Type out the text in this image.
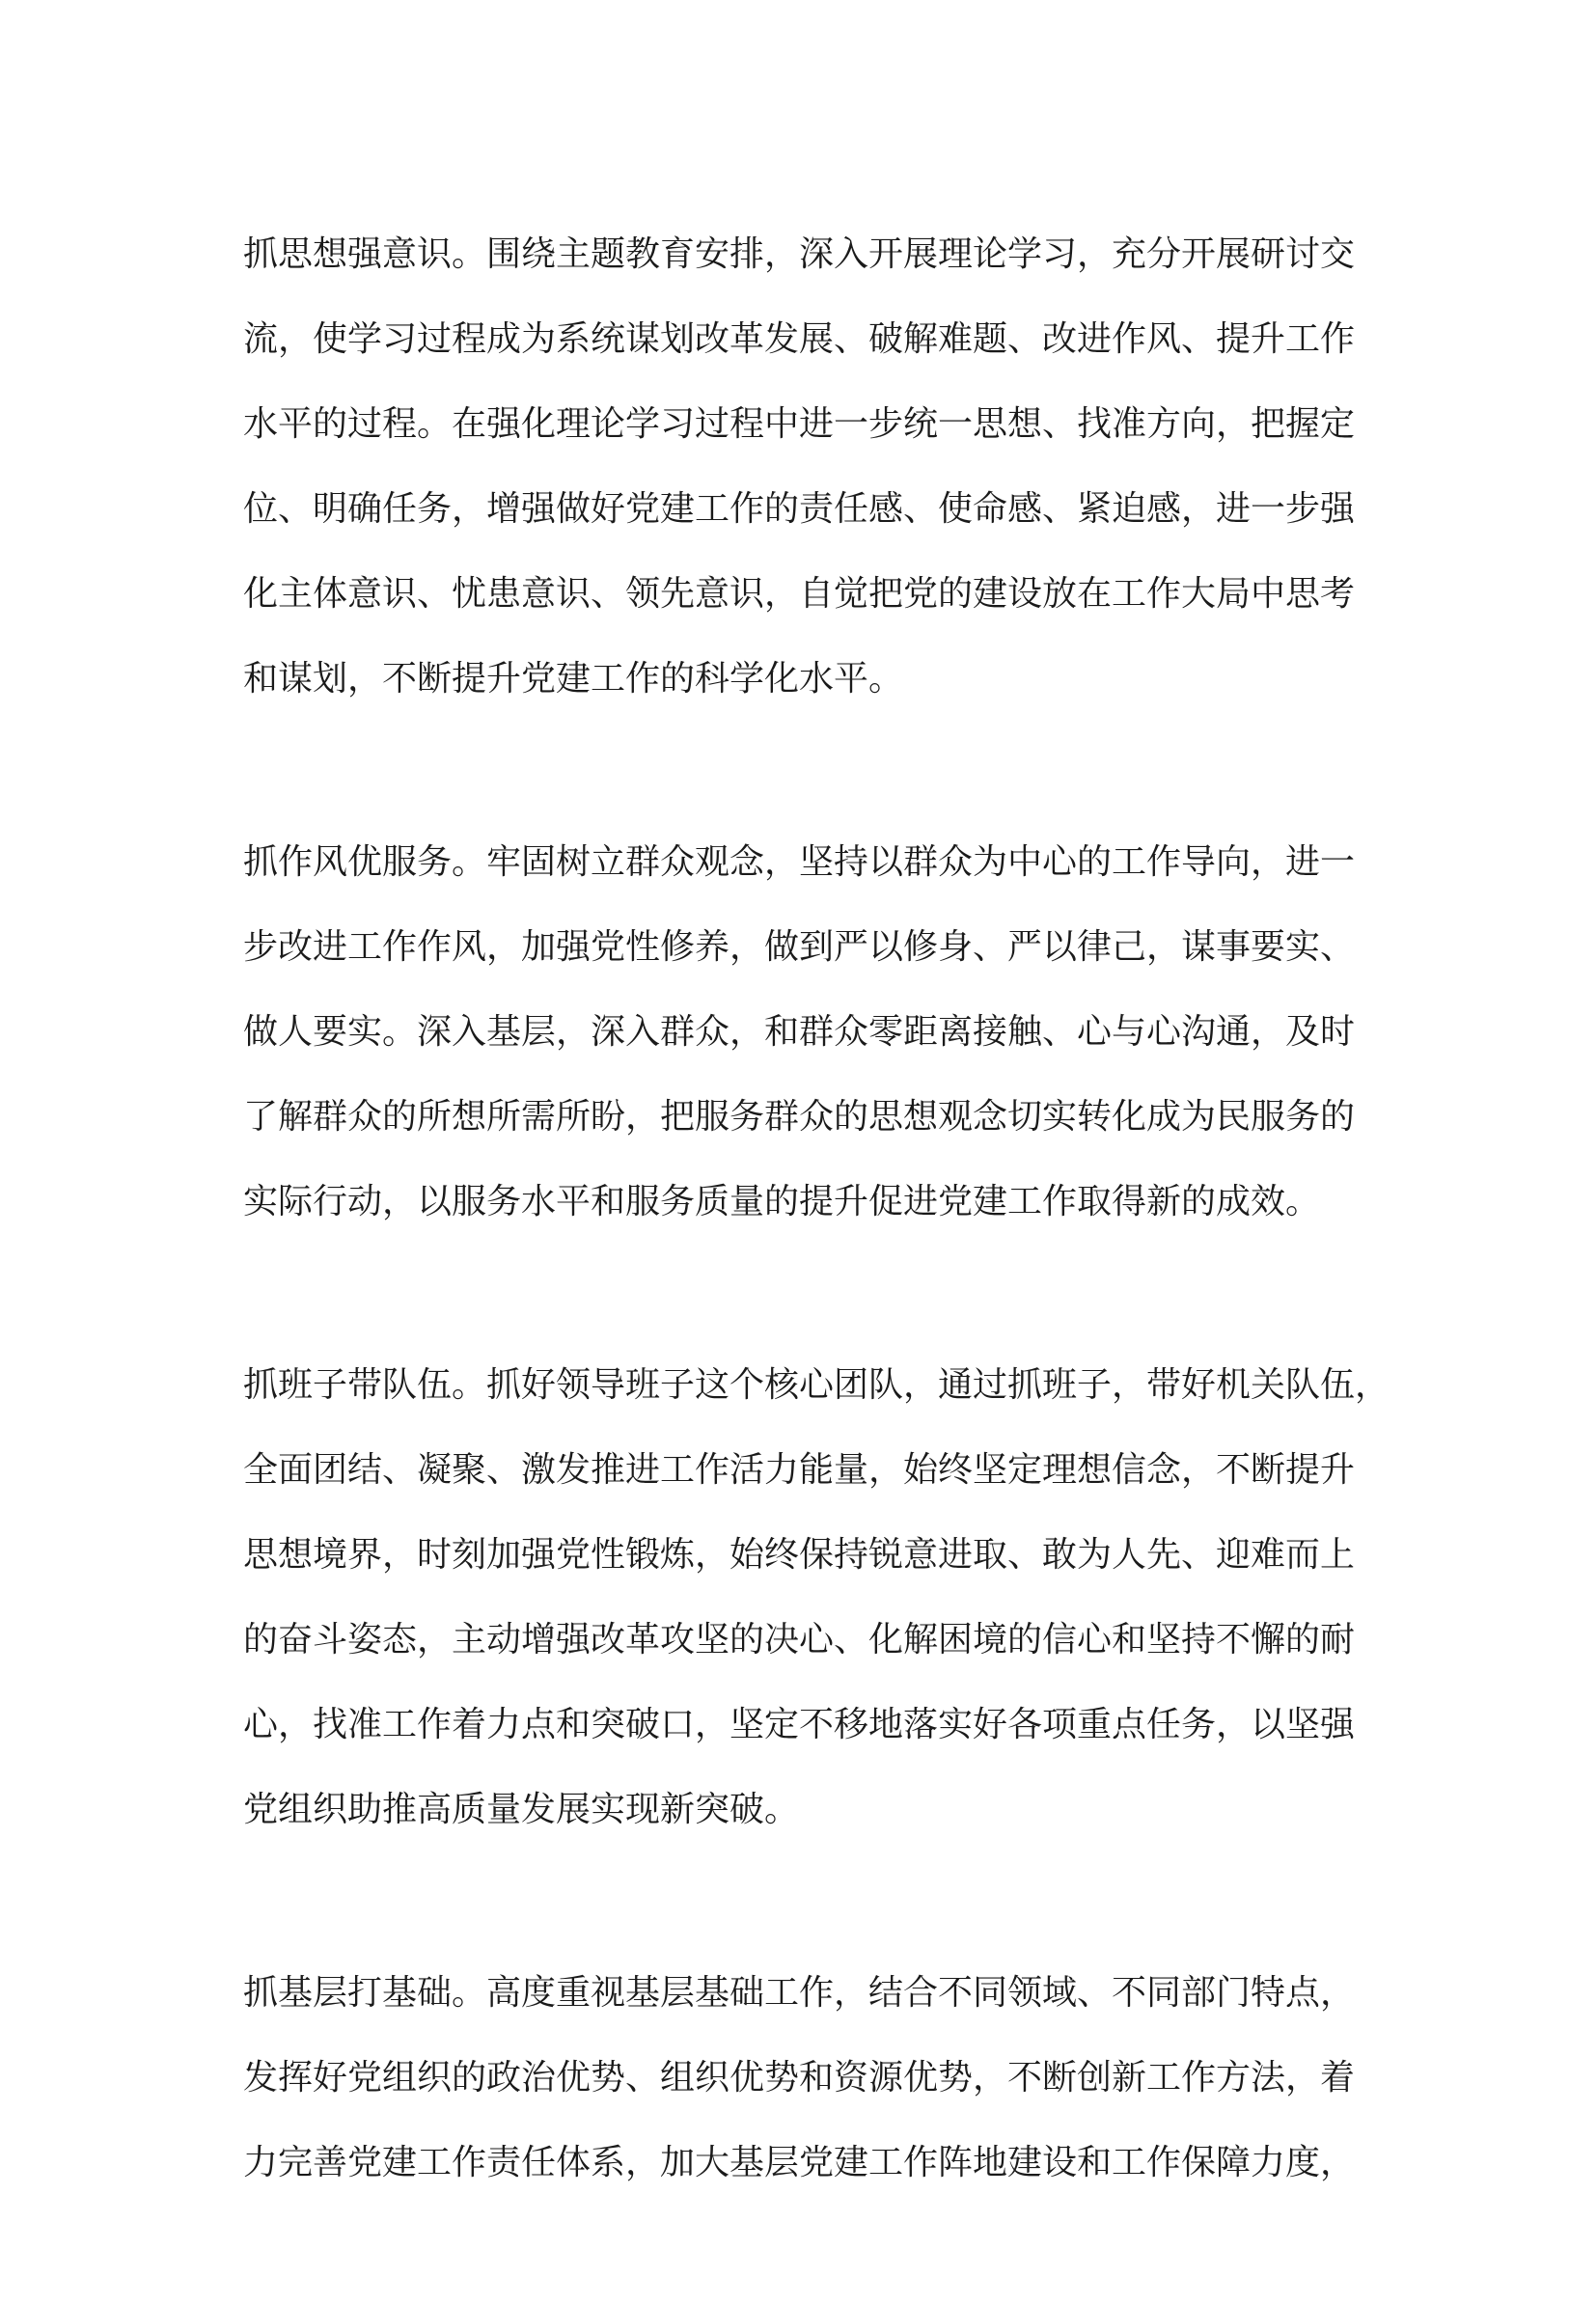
抓思想强意识。围绕主题教育安排，深入开展理论学习，充分开展研讨交
流，使学习过程成为系统谋划改革发展、破解难题、改进作风、提升工作
水平的过程。在强化理论学习过程中进一步统一思想、找准方向，把握定
位、明确任务，增强做好党建工作的责任感、使命感、紧迫感，进一步强
化主体意识、忧患意识、领先意识，自觉把党的建设放在工作大局中思考
和谋划，不断提升党建工作的科学化水平。

抓作风优服务。牢固树立群众观念，坚持以群众为中心的工作导向，进一
步改进工作作风，加强党性修养，做到严以修身、严以律己，谋事要实、
做人要实。深入基层，深入群众，和群众零距离接触、心与心沟通，及时
了解群众的所想所需所盼，把服务群众的思想观念切实转化成为民服务的
实际行动，以服务水平和服务质量的提升促进党建工作取得新的成效。

抓班子带队伍。抓好领导班子这个核心团队，通过抓班子，带好机关队伍，
全面团结、凝聚、激发推进工作活力能量，始终坚定理想信念，不断提升
思想境界，时刻加强党性锻炼，始终保持锐意进取、敢为人先、迎难而上
的奋斗姿态，主动增强改革攻坚的决心、化解困境的信心和坚持不懈的耐
心，找准工作着力点和突破口，坚定不移地落实好各项重点任务，以坚强
党组织助推高质量发展实现新突破。

抓基层打基础。高度重视基层基础工作，结合不同领域、不同部门特点，
发挥好党组织的政治优势、组织优势和资源优势，不断创新工作方法，着
力完善党建工作责任体系，加大基层党建工作阵地建设和工作保障力度，
